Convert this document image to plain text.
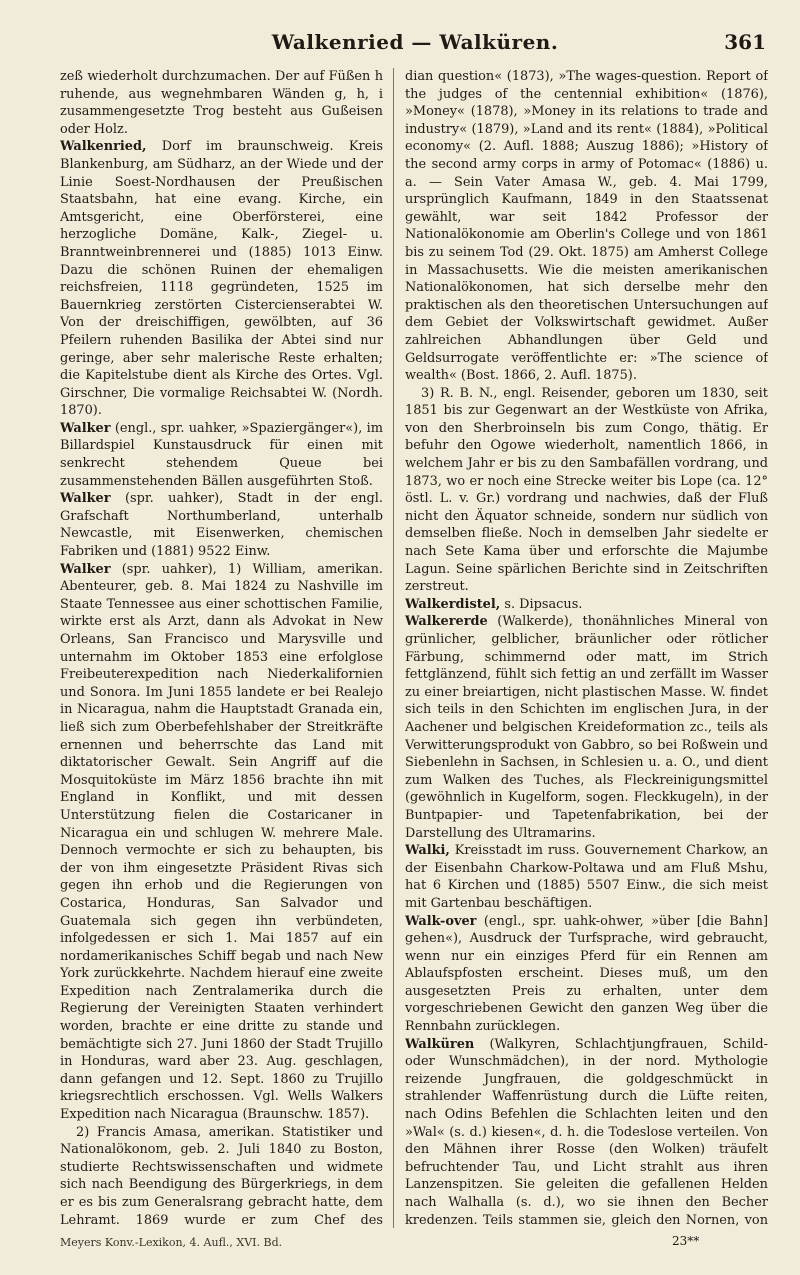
Walkenried — Walküren.	361

zeß wiederholt durchzumachen. Der auf Füßen h ruhende, aus wegnehmbaren Wänden g, h, i zusammengesetzte Trog besteht aus Gußeisen oder Holz.

Walkenried, Dorf im braunschweig. Kreis Blankenburg, am Südharz, an der Wiede und der Linie Soest-Nordhausen der Preußischen Staatsbahn, hat eine evang. Kirche, ein Amtsgericht, eine Oberförsterei, eine herzogliche Domäne, Kalk-, Ziegel- u. Branntweinbrennerei und (1885) 1013 Einw. Dazu die schönen Ruinen der ehemaligen reichsfreien, 1118 gegründeten, 1525 im Bauernkrieg zerstörten Cistercienserabtei W. Von der dreischiffigen, gewölbten, auf 36 Pfeilern ruhenden Basilika der Abtei sind nur geringe, aber sehr malerische Reste erhalten; die Kapitelstube dient als Kirche des Ortes. Vgl. Girschner, Die vormalige Reichsabtei W. (Nordh. 1870).

Walker (engl., spr. uahker, »Spaziergänger«), im Billardspiel Kunstausdruck für einen mit senkrecht stehendem Queue bei zusammenstehenden Bällen ausgeführten Stoß.

Walker (spr. uahker), Stadt in der engl. Grafschaft Northumberland, unterhalb Newcastle, mit Eisenwerken, chemischen Fabriken und (1881) 9522 Einw.

Walker (spr. uahker), 1) William, amerikan. Abenteurer, geb. 8. Mai 1824 zu Nashville im Staate Tennessee aus einer schottischen Familie, wirkte erst als Arzt, dann als Advokat in New Orleans, San Francisco und Marysville und unternahm im Oktober 1853 eine erfolglose Freibeuterexpedition nach Niederkalifornien und Sonora. Im Juni 1855 landete er bei Realejo in Nicaragua, nahm die Hauptstadt Granada ein, ließ sich zum Oberbefehlshaber der Streitkräfte ernennen und beherrschte das Land mit diktatorischer Gewalt. Sein Angriff auf die Mosquitoküste im März 1856 brachte ihn mit England in Konflikt, und mit dessen Unterstützung fielen die Costaricaner in Nicaragua ein und schlugen W. mehrere Male. Dennoch vermochte er sich zu behaupten, bis der von ihm eingesetzte Präsident Rivas sich gegen ihn erhob und die Regierungen von Costarica, Honduras, San Salvador und Guatemala sich gegen ihn verbündeten, infolgedessen er sich 1. Mai 1857 auf ein nordamerikanisches Schiff begab und nach New York zurückkehrte. Nachdem hierauf eine zweite Expedition nach Zentralamerika durch die Regierung der Vereinigten Staaten verhindert worden, brachte er eine dritte zu stande und bemächtigte sich 27. Juni 1860 der Stadt Trujillo in Honduras, ward aber 23. Aug. geschlagen, dann gefangen und 12. Sept. 1860 zu Trujillo kriegsrechtlich erschossen. Vgl. Wells Walkers Expedition nach Nicaragua (Braunschw. 1857).

2) Francis Amasa, amerikan. Statistiker und Nationalökonom, geb. 2. Juli 1840 zu Boston, studierte Rechtswissenschaften und widmete sich nach Beendigung des Bürgerkriegs, in dem er es bis zum Generalsrang gebracht hatte, dem Lehramt. 1869 wurde er zum Chef des

dian question« (1873), »The wages-question. Report of the judges of the centennial exhibition« (1876), »Money« (1878), »Money in its relations to trade and industry« (1879), »Land and its rent« (1884), »Political economy« (2. Aufl. 1888; Auszug 1886); »History of the second army corps in army of Potomac« (1886) u. a. — Sein Vater Amasa W., geb. 4. Mai 1799, ursprünglich Kaufmann, 1849 in den Staatssenat gewählt, war seit 1842 Professor der Nationalökonomie am Oberlin's College und von 1861 bis zu seinem Tod (29. Okt. 1875) am Amherst College in Massachusetts. Wie die meisten amerikanischen Nationalökonomen, hat sich derselbe mehr den praktischen als den theoretischen Untersuchungen auf dem Gebiet der Volkswirtschaft gewidmet. Außer zahlreichen Abhandlungen über Geld und Geldsurrogate veröffentlichte er: »The science of wealth« (Bost. 1866, 2. Aufl. 1875).

3) R. B. N., engl. Reisender, geboren um 1830, seit 1851 bis zur Gegenwart an der Westküste von Afrika, von den Sherbroinseln bis zum Congo, thätig. Er befuhr den Ogowe wiederholt, namentlich 1866, in welchem Jahr er bis zu den Sambafällen vordrang, und 1873, wo er noch eine Strecke weiter bis Lope (ca. 12° östl. L. v. Gr.) vordrang und nachwies, daß der Fluß nicht den Äquator schneide, sondern nur südlich von demselben fließe. Noch in demselben Jahr siedelte er nach Sete Kama über und erforschte die Majumbe Lagun. Seine spärlichen Berichte sind in Zeitschriften zerstreut.

Walkerdistel, s. Dipsacus.

Walkererde (Walkerde), thonähnliches Mineral von grünlicher, gelblicher, bräunlicher oder rötlicher Färbung, schimmernd oder matt, im Strich fettglänzend, fühlt sich fettig an und zerfällt im Wasser zu einer breiartigen, nicht plastischen Masse. W. findet sich teils in den Schichten im englischen Jura, in der Aachener und belgischen Kreideformation zc., teils als Verwitterungsprodukt von Gabbro, so bei Roßwein und Siebenlehn in Sachsen, in Schlesien u. a. O., und dient zum Walken des Tuches, als Fleckreinigungsmittel (gewöhnlich in Kugelform, sogen. Fleckkugeln), in der Buntpapier- und Tapetenfabrikation, bei der Darstellung des Ultramarins.

Walki, Kreisstadt im russ. Gouvernement Charkow, an der Eisenbahn Charkow-Poltawa und am Fluß Mshu, hat 6 Kirchen und (1885) 5507 Einw., die sich meist mit Gartenbau beschäftigen.

Walk-over (engl., spr. uahk-ohwer, »über [die Bahn] gehen«), Ausdruck der Turfsprache, wird gebraucht, wenn nur ein einziges Pferd für ein Rennen am Ablaufspfosten erscheint. Dieses muß, um den ausgesetzten Preis zu erhalten, unter dem vorgeschriebenen Gewicht den ganzen Weg über die Rennbahn zurücklegen.

Walküren (Walkyren, Schlachtjungfrauen, Schild- oder Wunschmädchen), in der nord. Mythologie reizende Jungfrauen, die goldgeschmückt in strahlender Waffenrüstung durch die Lüfte reiten, nach Odins Befehlen die Schlachten leiten und den »Wal« (s. d.) kiesen«, d. h. die Todeslose verteilen. Von den Mähnen ihrer Rosse (den Wolken) träufelt befruchtender Tau, und Licht strahlt aus ihren Lanzenspitzen. Sie geleiten die gefallenen Helden nach Walhalla (s. d.), wo sie ihnen den Becher kredenzen. Teils stammen sie, gleich den Nornen, von

Meyers Konv.-Lexikon, 4. Aufl., XVI. Bd.	23**
